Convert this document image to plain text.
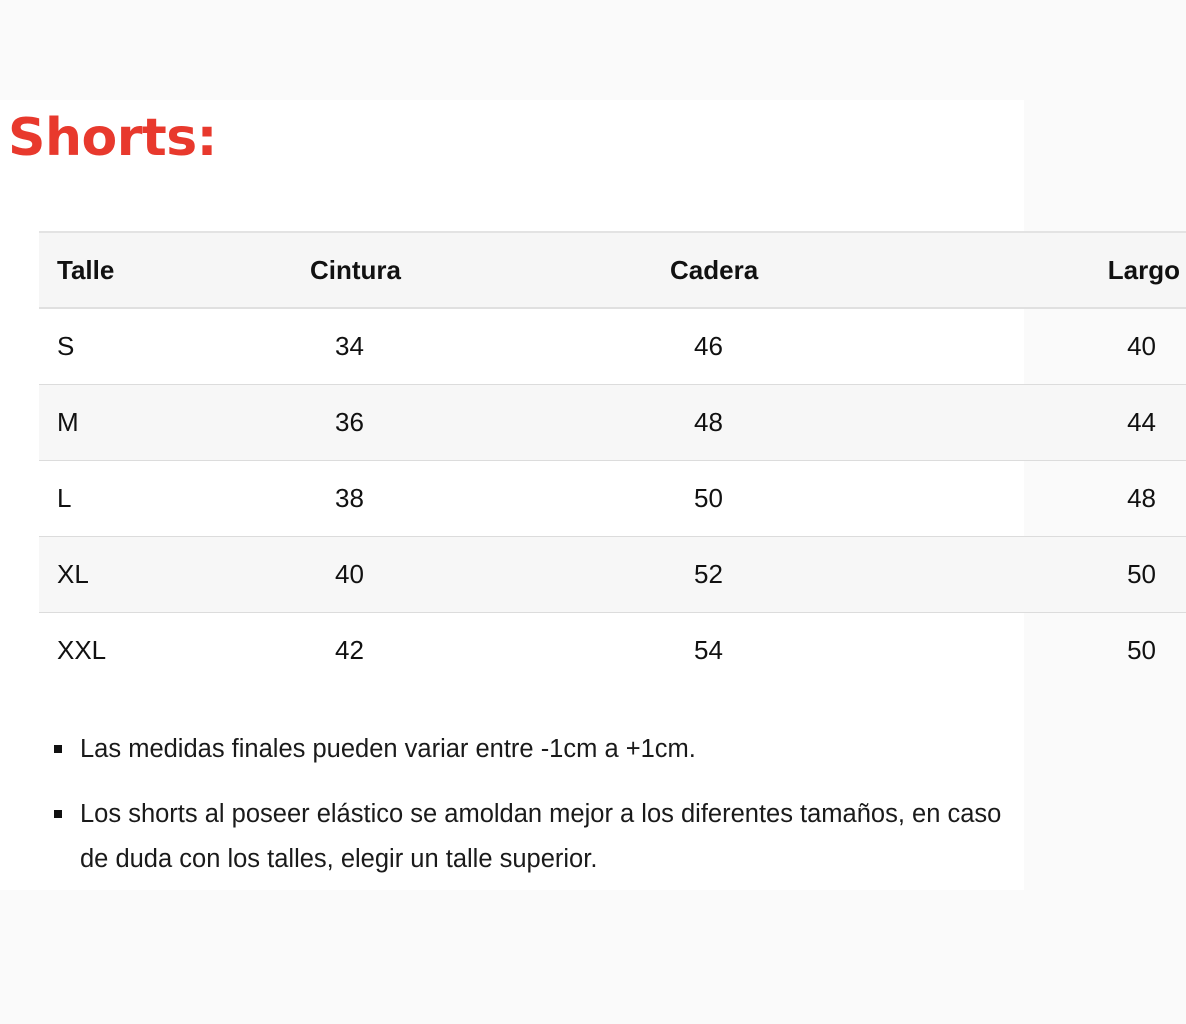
Shorts:
Talle	Cintura	Cadera	Largo
S	34	46	40
M	36	48	44
L	38	50	48
XL	40	52	50
XXL	42	54	50
Las medidas finales pueden variar entre -1cm a +1cm.
Los shorts al poseer elástico se amoldan mejor a los diferentes tamaños, en caso de duda con los talles, elegir un talle superior.
